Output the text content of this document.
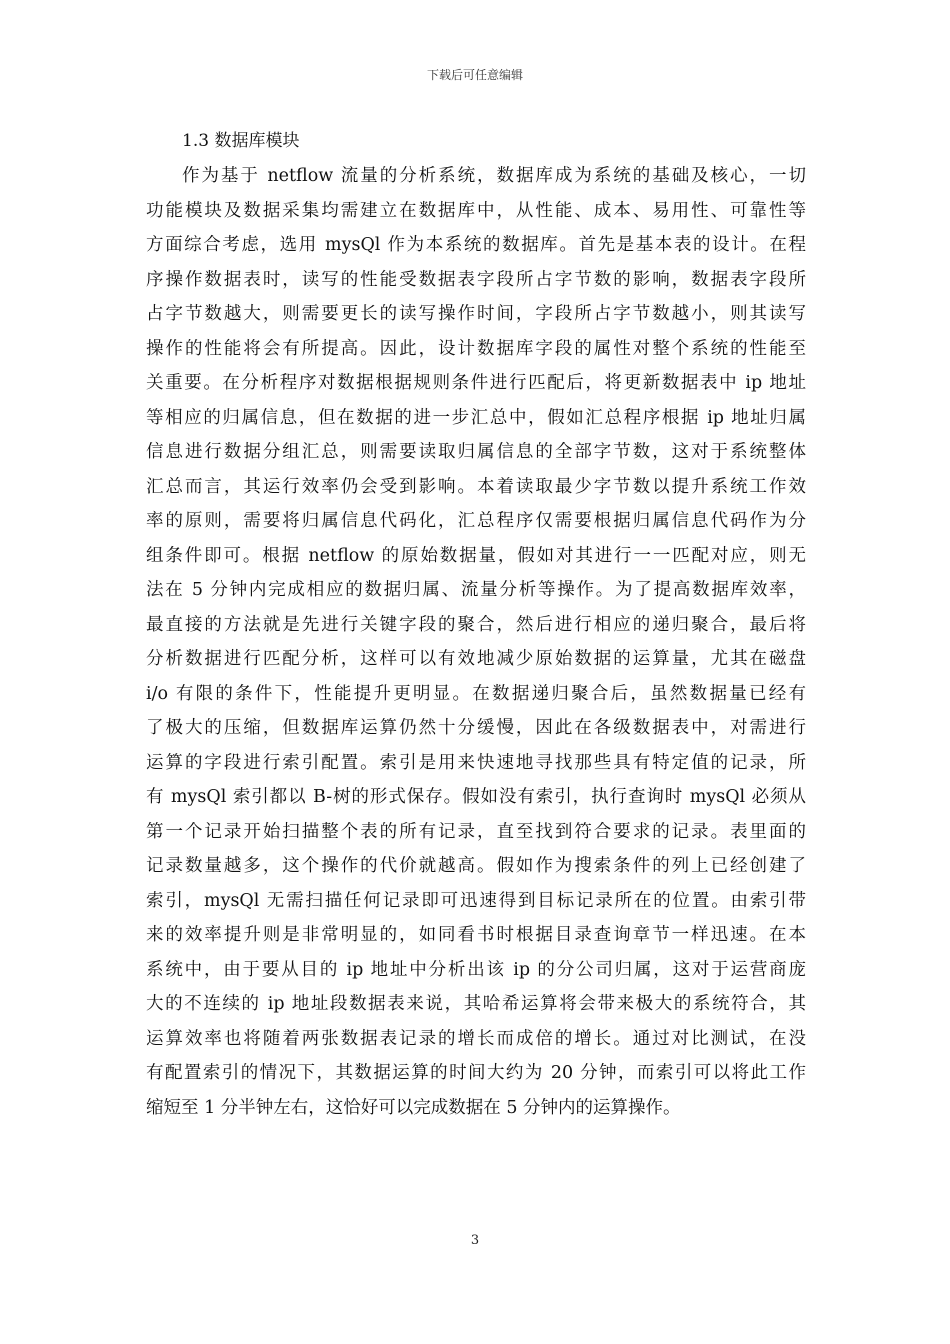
下载后可任意编辑
1.3 数据库模块
作为基于 netflow 流量的分析系统，数据库成为系统的基础及核心，一切
功能模块及数据采集均需建立在数据库中，从性能、成本、易用性、可靠性等
方面综合考虑，选用 mysQl 作为本系统的数据库。首先是基本表的设计。在程
序操作数据表时，读写的性能受数据表字段所占字节数的影响，数据表字段所
占字节数越大，则需要更长的读写操作时间，字段所占字节数越小，则其读写
操作的性能将会有所提高。因此，设计数据库字段的属性对整个系统的性能至
关重要。在分析程序对数据根据规则条件进行匹配后，将更新数据表中 ip 地址
等相应的归属信息，但在数据的进一步汇总中，假如汇总程序根据 ip 地址归属
信息进行数据分组汇总，则需要读取归属信息的全部字节数，这对于系统整体
汇总而言，其运行效率仍会受到影响。本着读取最少字节数以提升系统工作效
率的原则，需要将归属信息代码化，汇总程序仅需要根据归属信息代码作为分
组条件即可。根据 netflow 的原始数据量，假如对其进行一一匹配对应，则无
法在 5 分钟内完成相应的数据归属、流量分析等操作。为了提高数据库效率，
最直接的方法就是先进行关键字段的聚合，然后进行相应的递归聚合，最后将
分析数据进行匹配分析，这样可以有效地减少原始数据的运算量，尤其在磁盘
i/o 有限的条件下，性能提升更明显。在数据递归聚合后，虽然数据量已经有
了极大的压缩，但数据库运算仍然十分缓慢，因此在各级数据表中，对需进行
运算的字段进行索引配置。索引是用来快速地寻找那些具有特定值的记录，所
有 mysQl 索引都以 B-树的形式保存。假如没有索引，执行查询时 mysQl 必须从
第一个记录开始扫描整个表的所有记录，直至找到符合要求的记录。表里面的
记录数量越多，这个操作的代价就越高。假如作为搜索条件的列上已经创建了
索引，mysQl 无需扫描任何记录即可迅速得到目标记录所在的位置。由索引带
来的效率提升则是非常明显的，如同看书时根据目录查询章节一样迅速。在本
系统中，由于要从目的 ip 地址中分析出该 ip 的分公司归属，这对于运营商庞
大的不连续的 ip 地址段数据表来说，其哈希运算将会带来极大的系统符合，其
运算效率也将随着两张数据表记录的增长而成倍的增长。通过对比测试，在没
有配置索引的情况下，其数据运算的时间大约为 20 分钟，而索引可以将此工作
缩短至 1 分半钟左右，这恰好可以完成数据在 5 分钟内的运算操作。
3
